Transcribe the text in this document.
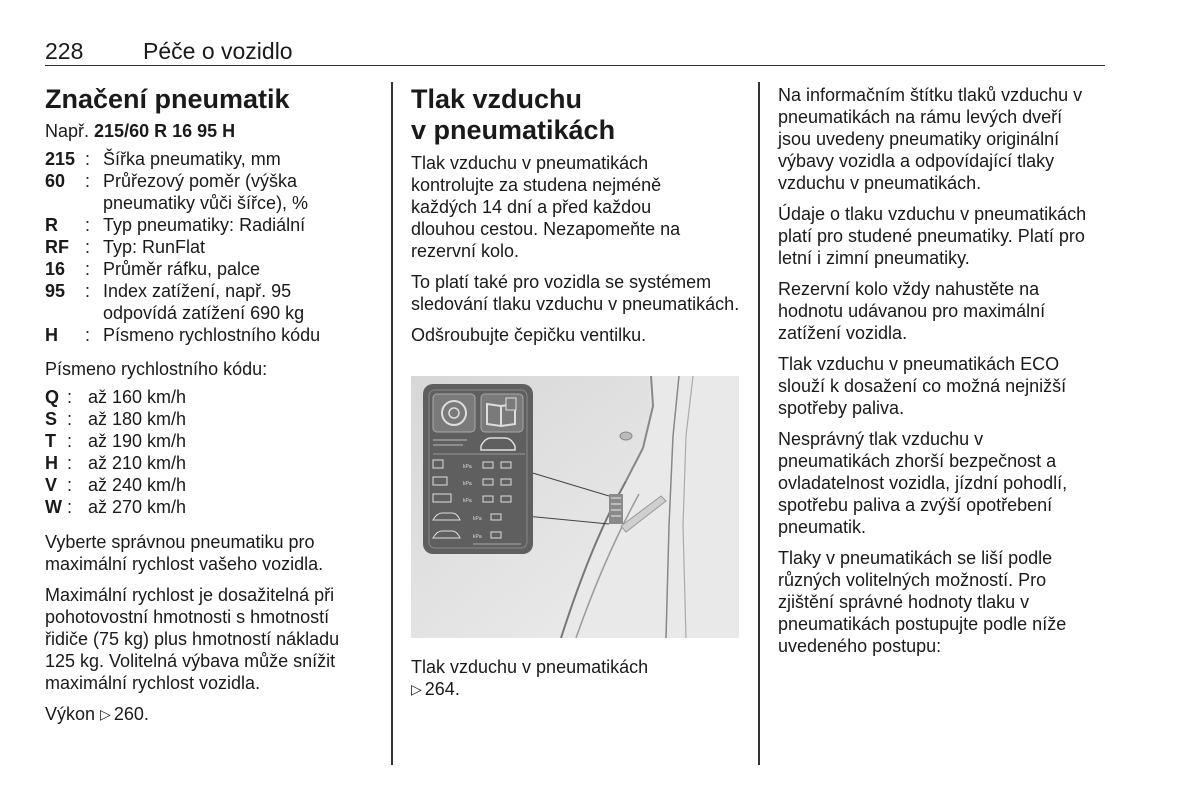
228	Péče o vozidlo
Značení pneumatik
Např. 215/60 R 16 95 H
215 : Šířka pneumatiky, mm
60	: Průřezový poměr (výška pneumatiky vůči šířce), %
R	: Typ pneumatiky: Radiální
RF : Typ: RunFlat
16	: Průměr ráfku, palce
95	: Index zatížení, např. 95 odpovídá zatížení 690 kg
H	: Písmeno rychlostního kódu

Písmeno rychlostního kódu:

Q : až 160 km/h
S : až 180 km/h
T : až 190 km/h
H : až 210 km/h
V : až 240 km/h
W : až 270 km/h

Vyberte správnou pneumatiku pro maximální rychlost vašeho vozidla.

Maximální rychlost je dosažitelná při pohotovostní hmotnosti s hmotností řidiče (75 kg) plus hmotností nákladu 125 kg. Volitelná výbava může snížit maximální rychlost vozidla.

Výkon ▷ 260.

Tlak vzduchu
v pneumatikách

Tlak vzduchu v pneumatikách kontrolujte za studena nejméně každých 14 dní a před každou dlouhou cestou. Nezapomeňte na rezervní kolo.

To platí také pro vozidla se systémem sledování tlaku vzduchu v pneumatikách.

Odšroubujte čepičku ventilku.

kPa
kPa
kPa
kPa
kPa

Tlak vzduchu v pneumatikách
▷ 264.

Na informačním štítku tlaků vzduchu v pneumatikách na rámu levých dveří jsou uvedeny pneumatiky originální výbavy vozidla a odpovídající tlaky vzduchu v pneumatikách.

Údaje o tlaku vzduchu v pneumatikách platí pro studené pneumatiky. Platí pro letní i zimní pneumatiky.

Rezervní kolo vždy nahustěte na hodnotu udávanou pro maximální zatížení vozidla.

Tlak vzduchu v pneumatikách ECO slouží k dosažení co možná nejnižší spotřeby paliva.

Nesprávný tlak vzduchu v pneumatikách zhorší bezpečnost a ovladatelnost vozidla, jízdní pohodlí, spotřebu paliva a zvýší opotřebení pneumatik.

Tlaky v pneumatikách se liší podle různých volitelných možností. Pro zjištění správné hodnoty tlaku v pneumatikách postupujte podle níže uvedeného postupu:
